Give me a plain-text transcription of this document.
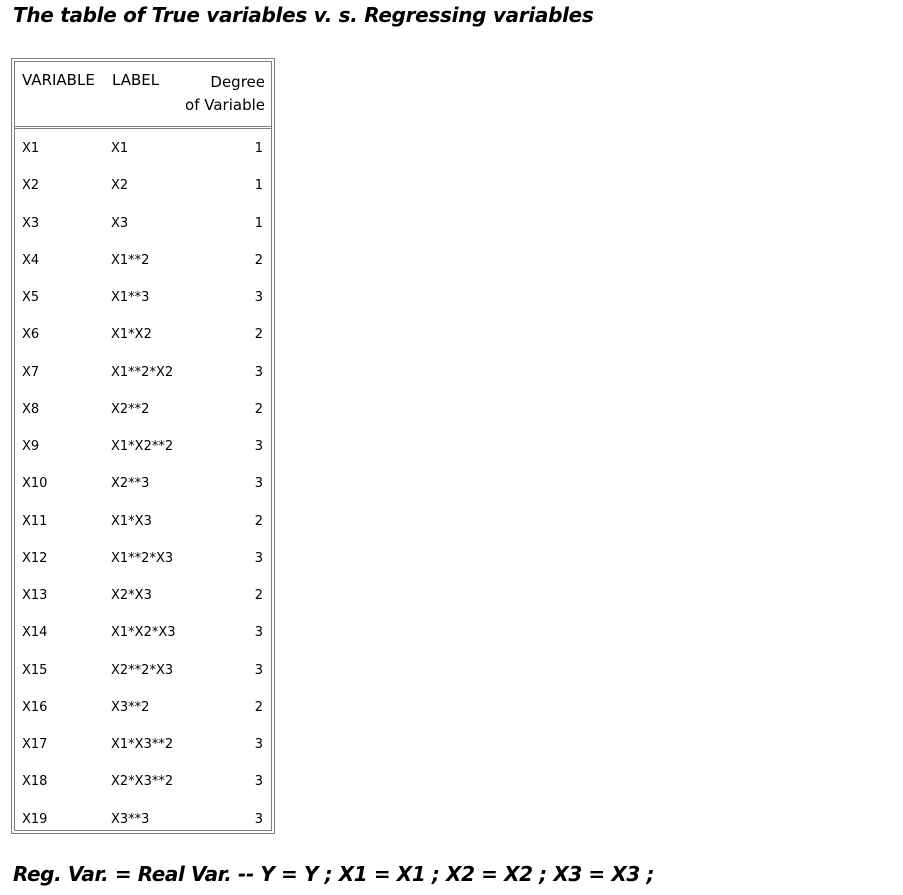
The table of True variables v. s. Regressing variables
VARIABLE LABEL	Degree
of Variable
X1	X1	1
X2	X2	1
X3	X3	1
X4	X1**2	2
X5	X1**3	3
X6	X1*X2	2
X7	X1**2*X2	3
X8	X2**2	2
X9	X1*X2**2	3
X10	X2**3	3
X11	X1*X3	2
X12	X1**2*X3	3
X13	X2*X3	2
X14	X1*X2*X3	3
X15	X2**2*X3	3
X16	X3**2	2
X17	X1*X3**2	3
X18	X2*X3**2	3
X19	X3**3	3
Reg. Var. = Real Var. -- Y = Y ; X1 = X1 ; X2 = X2 ; X3 = X3 ;
